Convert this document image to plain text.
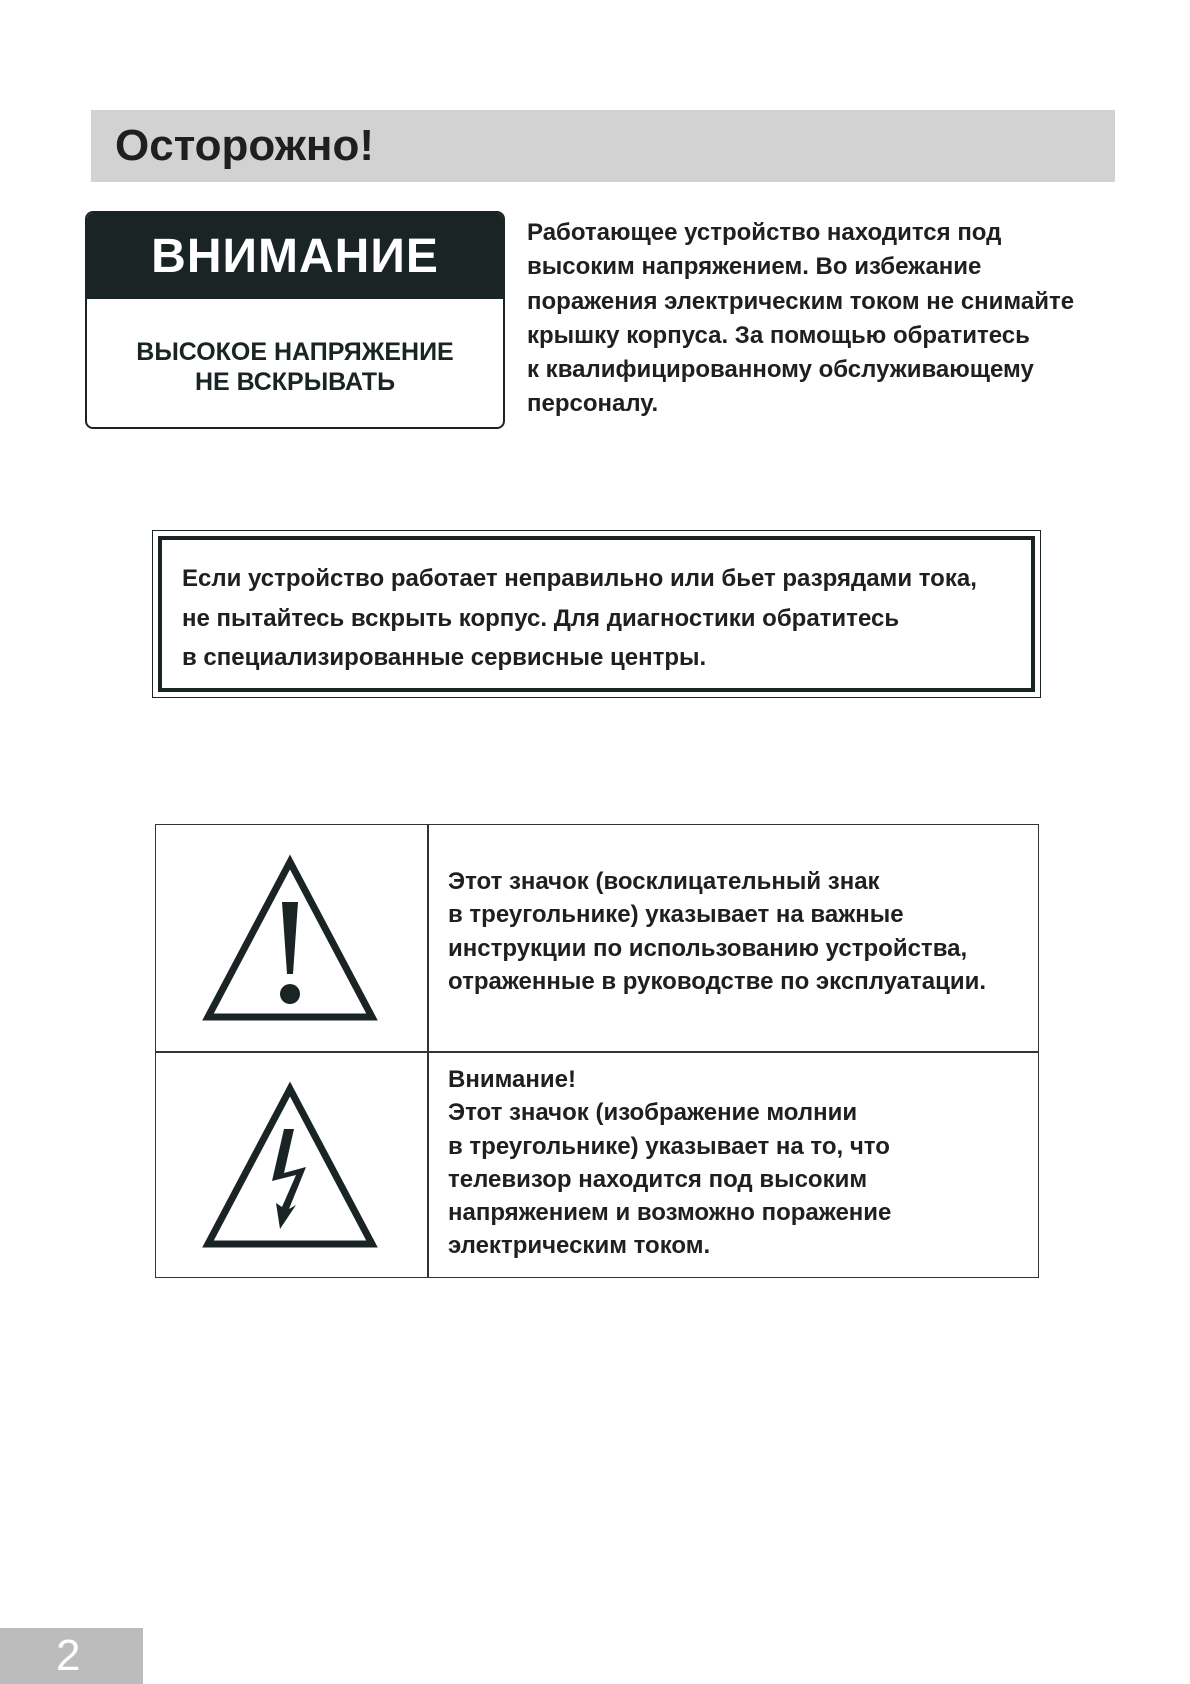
Осторожно!
ВНИМАНИЕ
ВЫСОКОЕ НАПРЯЖЕНИЕ
НЕ ВСКРЫВАТЬ
Работающее устройство находится под
высоким напряжением. Во избежание
поражения электрическим током не снимайте
крышку корпуса. За помощью обратитесь
к квалифицированному обслуживающему
персоналу.
Если устройство работает неправильно или бьет разрядами тока,
не пытайтесь вскрыть корпус. Для диагностики обратитесь
в специализированные сервисные центры.
Этот значок (восклицательный знак
в треугольнике) указывает на важные
инструкции по использованию устройства,
отраженные в руководстве по эксплуатации.
Внимание!
Этот значок (изображение молнии
в треугольнике) указывает на то, что
телевизор находится под высоким
напряжением и возможно поражение
электрическим током.
2
